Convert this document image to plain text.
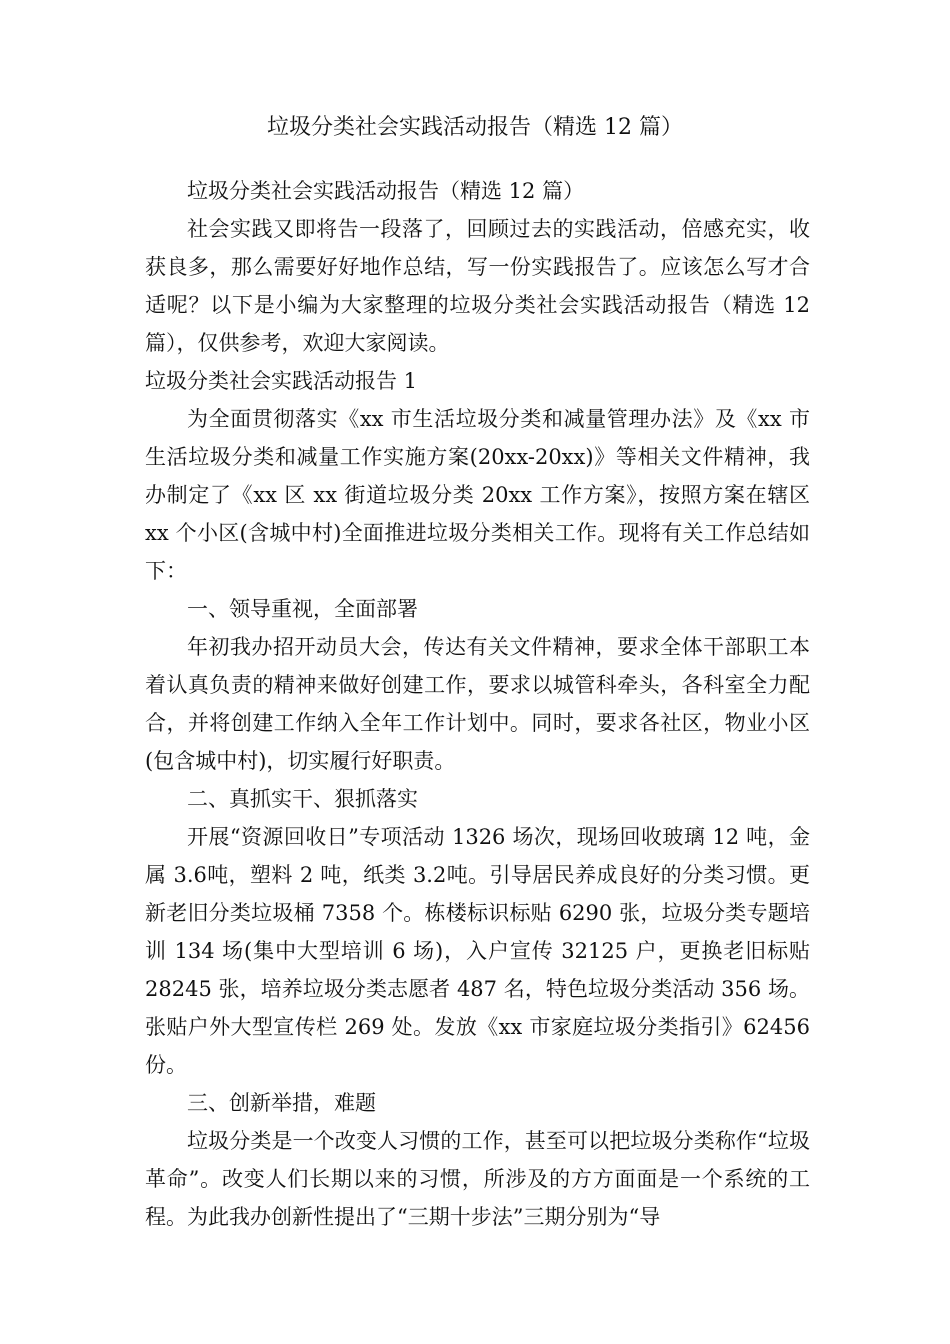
垃圾分类社会实践活动报告（精选 12 篇）

垃圾分类社会实践活动报告（精选 12 篇）

社会实践又即将告一段落了，回顾过去的实践活动，倍感充实，收获良多，那么需要好好地作总结，写一份实践报告了。应该怎么写才合适呢？以下是小编为大家整理的垃圾分类社会实践活动报告（精选 12 篇），仅供参考，欢迎大家阅读。

垃圾分类社会实践活动报告 1

为全面贯彻落实《xx 市生活垃圾分类和减量管理办法》及《xx 市生活垃圾分类和减量工作实施方案(20xx-20xx)》等相关文件精神，我办制定了《xx 区 xx 街道垃圾分类 20xx 工作方案》，按照方案在辖区 xx 个小区(含城中村)全面推进垃圾分类相关工作。现将有关工作总结如下：

一、领导重视，全面部署

年初我办招开动员大会，传达有关文件精神，要求全体干部职工本着认真负责的精神来做好创建工作，要求以城管科牵头，各科室全力配合，并将创建工作纳入全年工作计划中。同时，要求各社区，物业小区(包含城中村)，切实履行好职责。

二、真抓实干、狠抓落实

开展“资源回收日”专项活动 1326 场次，现场回收玻璃 12 吨，金属 3.6吨，塑料 2 吨，纸类 3.2吨。引导居民养成良好的分类习惯。更新老旧分类垃圾桶 7358 个。栋楼标识标贴 6290 张，垃圾分类专题培训 134 场(集中大型培训 6 场)，入户宣传 32125 户，更换老旧标贴 28245 张，培养垃圾分类志愿者 487 名，特色垃圾分类活动 356 场。张贴户外大型宣传栏 269 处。发放《xx 市家庭垃圾分类指引》62456 份。

三、创新举措，难题

垃圾分类是一个改变人习惯的工作，甚至可以把垃圾分类称作“垃圾革命”。改变人们长期以来的习惯，所涉及的方方面面是一个系统的工程。为此我办创新性提出了“三期十步法”三期分别为“导
